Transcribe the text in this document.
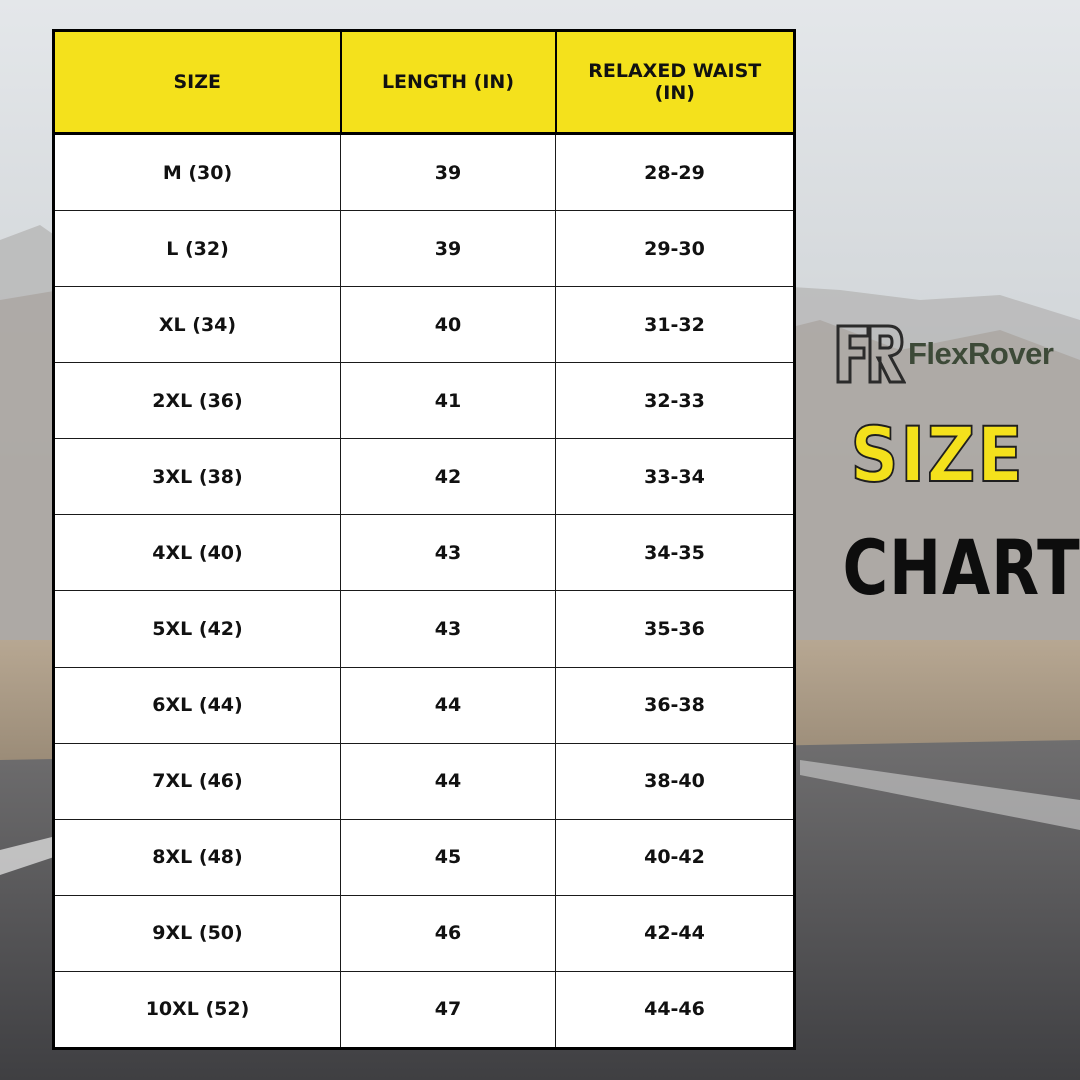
SIZE	LENGTH (IN)	RELAXED WAIST (IN)
M (30)	39	28-29
L (32)	39	29-30
XL (34)	40	31-32
2XL (36)	41	32-33
3XL (38)	42	33-34
4XL (40)	43	34-35
5XL (42)	43	35-36
6XL (44)	44	36-38
7XL (46)	44	38-40
8XL (48)	45	40-42
9XL (50)	46	42-44
10XL (52)	47	44-46
FlexRover
SIZE
CHART
